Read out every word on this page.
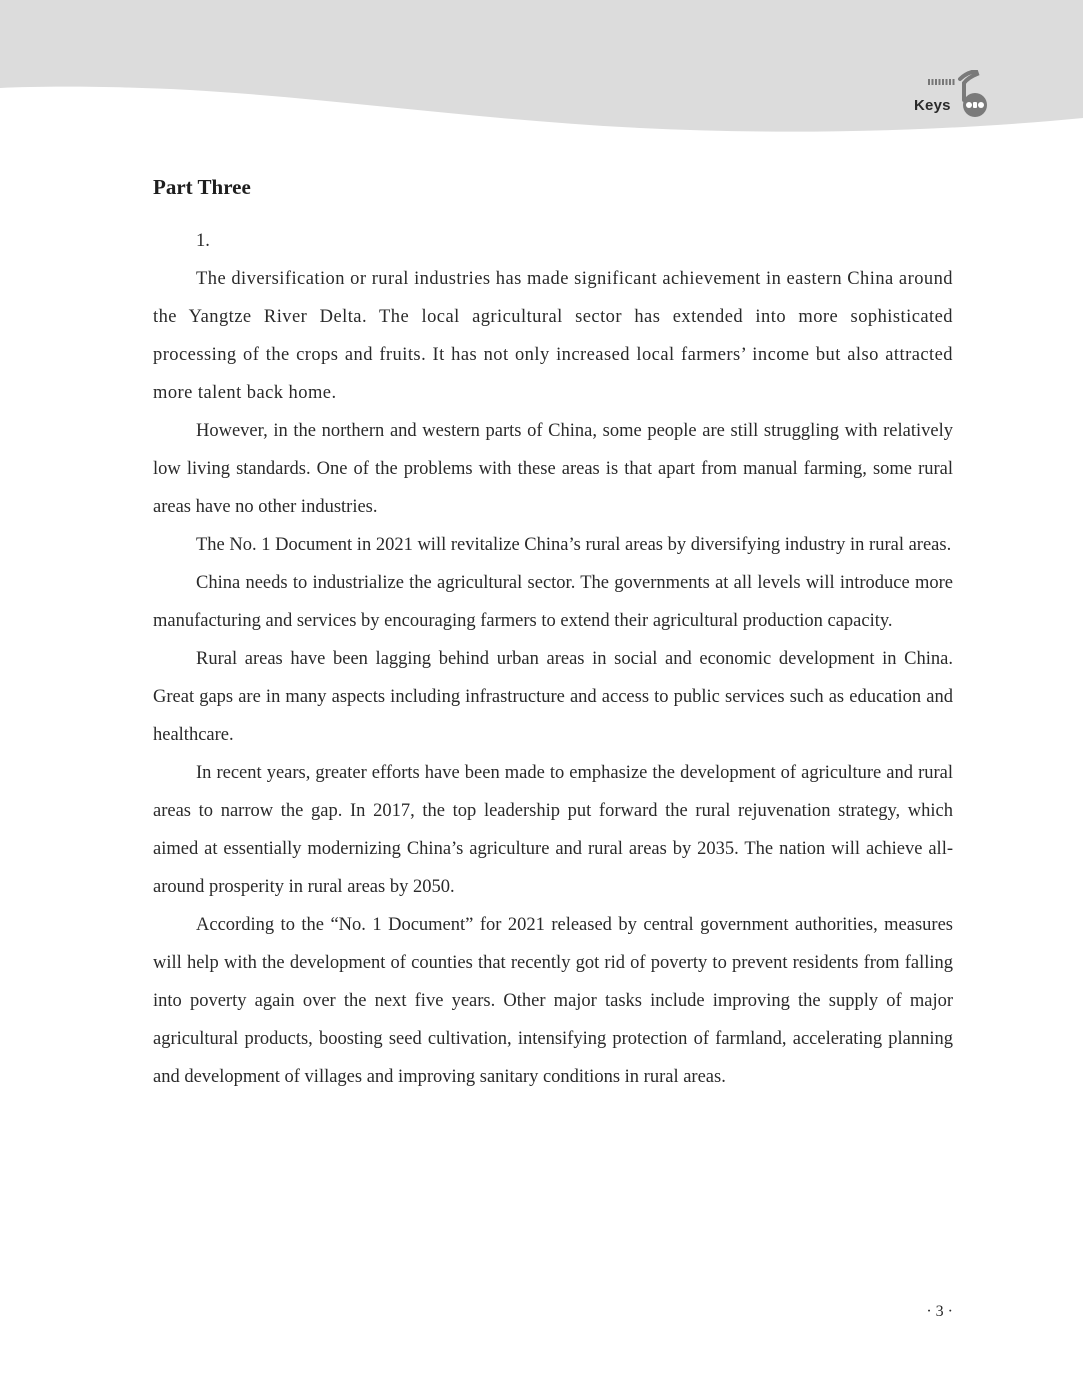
Keys
Part Three

1.

The diversification or rural industries has made significant achievement in eastern China around the Yangtze River Delta. The local agricultural sector has extended into more sophisticated processing of the crops and fruits. It has not only increased local farmers’ income but also attracted more talent back home.

However, in the northern and western parts of China, some people are still struggling with relatively low living standards. One of the problems with these areas is that apart from manual farming, some rural areas have no other industries.

The No. 1 Document in 2021 will revitalize China’s rural areas by diversifying industry in rural areas.

China needs to industrialize the agricultural sector. The governments at all levels will introduce more manufacturing and services by encouraging farmers to extend their agricultural production capacity.

Rural areas have been lagging behind urban areas in social and economic development in China. Great gaps are in many aspects including infrastructure and access to public services such as education and healthcare.

In recent years, greater efforts have been made to emphasize the development of agriculture and rural areas to narrow the gap. In 2017, the top leadership put forward the rural rejuvenation strategy, which aimed at essentially modernizing China’s agriculture and rural areas by 2035. The nation will achieve all-around prosperity in rural areas by 2050.

According to the “No. 1 Document” for 2021 released by central government authorities, measures will help with the development of counties that recently got rid of poverty to prevent residents from falling into poverty again over the next five years. Other major tasks include improving the supply of major agricultural products, boosting seed cultivation, intensifying protection of farmland, accelerating planning and development of villages and improving sanitary conditions in rural areas.

· 3 ·
